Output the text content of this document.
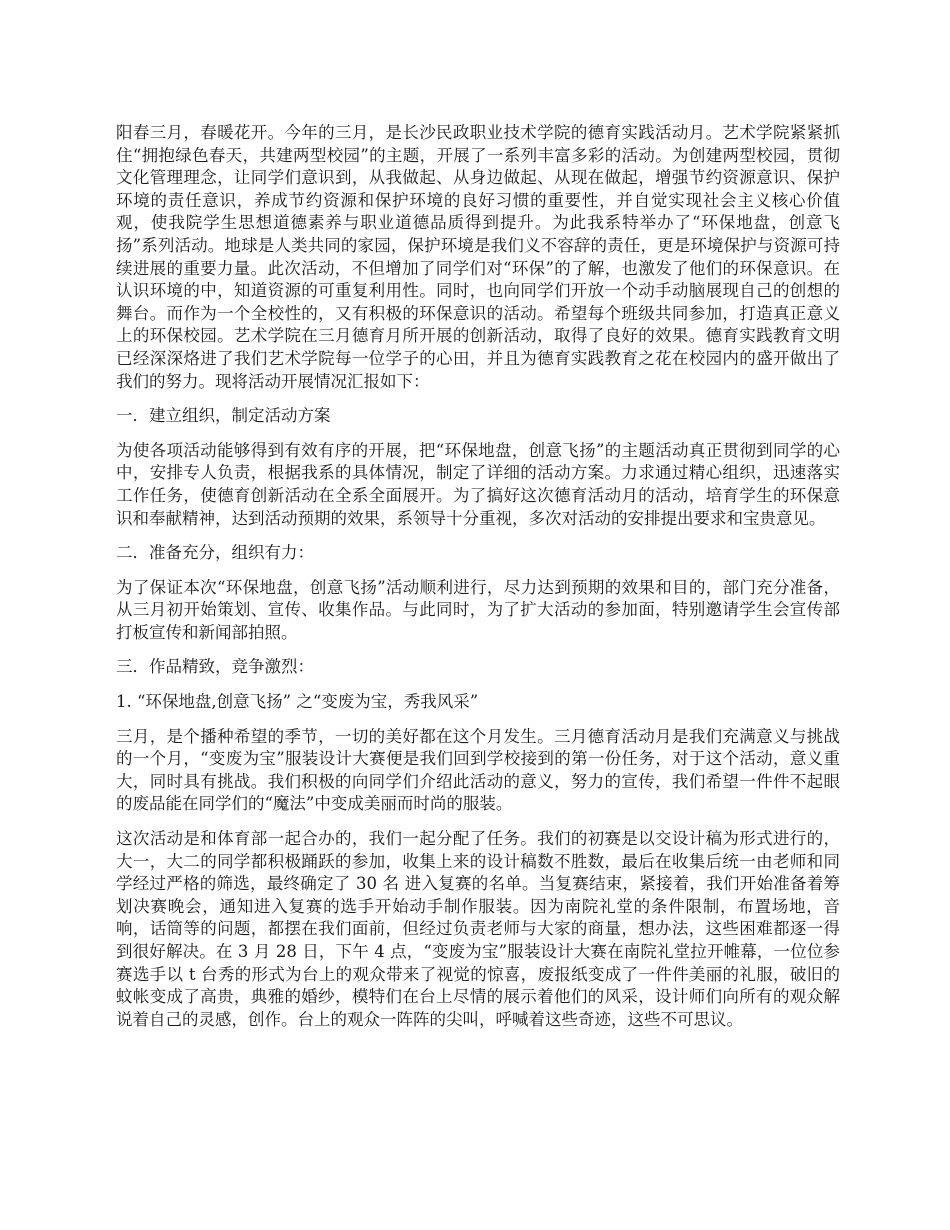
阳春三月，春暖花开。今年的三月，是长沙民政职业技术学院的德育实践活动月。艺术学院紧紧抓住“拥抱绿色春天，共建两型校园”的主题，开展了一系列丰富多彩的活动。为创建两型校园，贯彻文化管理理念，让同学们意识到，从我做起、从身边做起、从现在做起，增强节约资源意识、保护环境的责任意识，养成节约资源和保护环境的良好习惯的重要性，并自觉实现社会主义核心价值观，使我院学生思想道德素养与职业道德品质得到提升。为此我系特举办了“环保地盘，创意飞扬”系列活动。地球是人类共同的家园，保护环境是我们义不容辞的责任，更是环境保护与资源可持续进展的重要力量。此次活动，不但增加了同学们对“环保”的了解，也激发了他们的环保意识。在认识环境的中，知道资源的可重复利用性。同时，也向同学们开放一个动手动脑展现自己的创想的舞台。而作为一个全校性的，又有积极的环保意识的活动。希望每个班级共同参加，打造真正意义上的环保校园。艺术学院在三月德育月所开展的创新活动，取得了良好的效果。德育实践教育文明已经深深烙进了我们艺术学院每一位学子的心田，并且为德育实践教育之花在校园内的盛开做出了我们的努力。现将活动开展情况汇报如下：

一．建立组织，制定活动方案

为使各项活动能够得到有效有序的开展，把“环保地盘，创意飞扬”的主题活动真正贯彻到同学的心中，安排专人负责，根据我系的具体情况，制定了详细的活动方案。力求通过精心组织，迅速落实工作任务，使德育创新活动在全系全面展开。为了搞好这次德育活动月的活动，培育学生的环保意识和奉献精神，达到活动预期的效果，系领导十分重视，多次对活动的安排提出要求和宝贵意见。

二．准备充分，组织有力：

为了保证本次“环保地盘，创意飞扬”活动顺利进行，尽力达到预期的效果和目的，部门充分准备，从三月初开始策划、宣传、收集作品。与此同时，为了扩大活动的参加面，特别邀请学生会宣传部打板宣传和新闻部拍照。

三．作品精致，竞争激烈：

1. “环保地盘,创意飞扬” 之“变废为宝，秀我风采”

三月，是个播种希望的季节，一切的美好都在这个月发生。三月德育活动月是我们充满意义与挑战的一个月，“变废为宝”服装设计大赛便是我们回到学校接到的第一份任务，对于这个活动，意义重大，同时具有挑战。我们积极的向同学们介绍此活动的意义，努力的宣传，我们希望一件件不起眼的废品能在同学们的“魔法”中变成美丽而时尚的服装。

这次活动是和体育部一起合办的，我们一起分配了任务。我们的初赛是以交设计稿为形式进行的，大一，大二的同学都积极踊跃的参加，收集上来的设计稿数不胜数，最后在收集后统一由老师和同学经过严格的筛选，最终确定了 30 名 进入复赛的名单。当复赛结束，紧接着，我们开始准备着筹划决赛晚会，通知进入复赛的选手开始动手制作服装。因为南院礼堂的条件限制，布置场地，音响，话筒等的问题，都摆在我们面前，但经过负责老师与大家的商量，想办法，这些困难都逐一得到很好解决。在 3 月 28 日，下午 4 点，“变废为宝”服装设计大赛在南院礼堂拉开帷幕，一位位参赛选手以 t 台秀的形式为台上的观众带来了视觉的惊喜，废报纸变成了一件件美丽的礼服，破旧的蚊帐变成了高贵，典雅的婚纱，模特们在台上尽情的展示着他们的风采，设计师们向所有的观众解说着自己的灵感，创作。台上的观众一阵阵的尖叫，呼喊着这些奇迹，这些不可思议。
